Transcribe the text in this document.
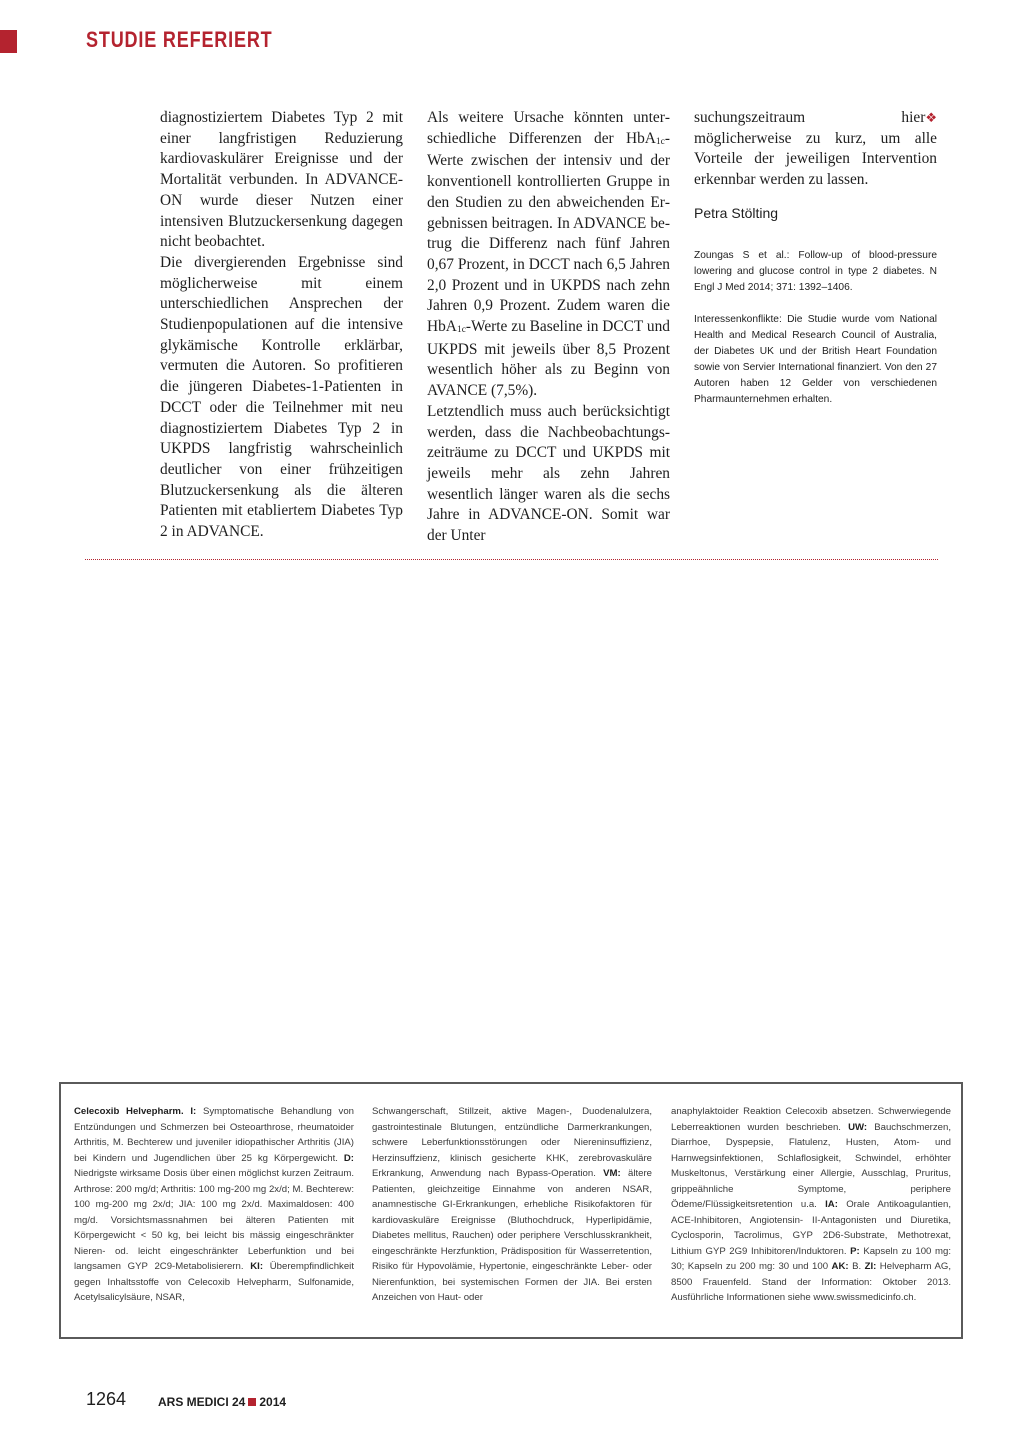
STUDIE REFERIERT

diagnostiziertem Diabetes Typ 2 mit einer langfristigen Reduzierung kardiovaskulärer Ereignisse und der Mortalität verbunden. In ADVANCE-ON wurde dieser Nutzen einer intensiven Blutzuckersenkung dagegen nicht beobachtet.

Die divergierenden Ergebnisse sind möglicherweise mit einem unterschiedlichen Ansprechen der Studienpopulationen auf die intensive glykämische Kontrolle erklärbar, vermuten die Autoren. So profitieren die jüngeren Diabetes-1-Patienten in DCCT oder die Teilnehmer mit neu diagnostiziertem Diabetes Typ 2 in UKPDS langfristig wahrscheinlich deutlicher von einer frühzeitigen Blutzuckersenkung als die älteren Patienten mit etabliertem Diabetes Typ 2 in ADVANCE.

Als weitere Ursache könnten unterschiedliche Differenzen der HbA1c-Werte zwischen der intensiv und der konventionell kontrollierten Gruppe in den Studien zu den abweichenden Ergebnissen beitragen. In ADVANCE betrug die Differenz nach fünf Jahren 0,67 Prozent, in DCCT nach 6,5 Jahren 2,0 Prozent und in UKPDS nach zehn Jahren 0,9 Prozent. Zudem waren die HbA1c-Werte zu Baseline in DCCT und UKPDS mit jeweils über 8,5 Prozent wesentlich höher als zu Beginn von AVANCE (7,5%).

Letztendlich muss auch berücksichtigt werden, dass die Nachbeobachtungszeiträume zu DCCT und UKPDS mit jeweils mehr als zehn Jahren wesentlich länger waren als die sechs Jahre in ADVANCE-ON. Somit war der Unter

❖
suchungszeitraum hier möglicherweise zu kurz, um alle Vorteile der jeweiligen Intervention erkennbar werden zu lassen.

Petra Stölting
Zoungas S et al.: Follow-up of blood-pressure lowering and glucose control in type 2 diabetes. N Engl J Med 2014; 371: 1392–1406.
Interessenkonflikte: Die Studie wurde vom National Health and Medical Research Council of Australia, der Diabetes UK und der British Heart Foundation sowie von Servier International finanziert. Von den 27 Autoren haben 12 Gelder von verschiedenen Pharmaunternehmen erhalten.
Celecoxib Helvepharm. I: Symptomatische Behandlung von Entzündungen und Schmerzen bei Osteoarthrose, rheumatoider Arthritis, M. Bechterew und juveniler idiopathischer Arthritis (JIA) bei Kindern und Jugendlichen über 25 kg Körpergewicht. D: Niedrigste wirksame Dosis über einen möglichst kurzen Zeitraum. Arthrose: 200 mg/d; Arthritis: 100 mg-200 mg 2x/d; M. Bechterew: 100 mg-200 mg 2x/d; JIA: 100 mg 2x/d. Maximaldosen: 400 mg/d. Vorsichtsmassnahmen bei älteren Patienten mit Körpergewicht < 50 kg, bei leicht bis mässig eingeschränkter Nieren- od. leicht eingeschränkter Leberfunktion und bei langsamen GYP 2C9-Metabolisierern. KI: Überempfindlichkeit gegen Inhaltsstoffe von Celecoxib Helvepharm, Sulfonamide, Acetylsalicylsäure, NSAR,
Schwangerschaft, Stillzeit, aktive Magen-, Duodenalulzera, gastrointestinale Blutungen, entzündliche Darmerkrankungen, schwere Leberfunktionsstörungen oder Niereninsuffizienz, Herzinsuffzienz, klinisch gesicherte KHK, zerebrovaskuläre Erkrankung, Anwendung nach Bypass-Operation. VM: ältere Patienten, gleichzeitige Einnahme von anderen NSAR, anamnestische GI-Erkrankungen, erhebliche Risikofaktoren für kardiovaskuläre Ereignisse (Bluthochdruck, Hyperlipidämie, Diabetes mellitus, Rauchen) oder periphere Verschlusskrankheit, eingeschränkte Herzfunktion, Prädisposition für Wasserretention, Risiko für Hypovolämie, Hypertonie, eingeschränkte Leber- oder Nierenfunktion, bei systemischen Formen der JIA. Bei ersten Anzeichen von Haut- oder
anaphylaktoider Reaktion Celecoxib absetzen. Schwerwiegende Leberreaktionen wurden beschrieben. UW: Bauchschmerzen, Diarrhoe, Dyspepsie, Flatulenz, Husten, Atom- und Harnwegsinfektionen, Schlaflosigkeit, Schwindel, erhöhter Muskeltonus, Verstärkung einer Allergie, Ausschlag, Pruritus, grippeähnliche Symptome, periphere Ödeme/Flüssigkeitsretention u.a. IA: Orale Antikoagulantien, ACE-Inhibitoren, Angiotensin- II-Antagonisten und Diuretika, Cyclosporin, Tacrolimus, GYP 2D6-Substrate, Methotrexat, Lithium GYP 2G9 Inhibitoren/Induktoren. P: Kapseln zu 100 mg: 30; Kapseln zu 200 mg: 30 und 100 AK: B. ZI: Helvepharm AG, 8500 Frauenfeld. Stand der Information: Oktober 2013. Ausführliche Informationen siehe www.swissmedicinfo.ch.
1264	ARS MEDICI 24 2014
